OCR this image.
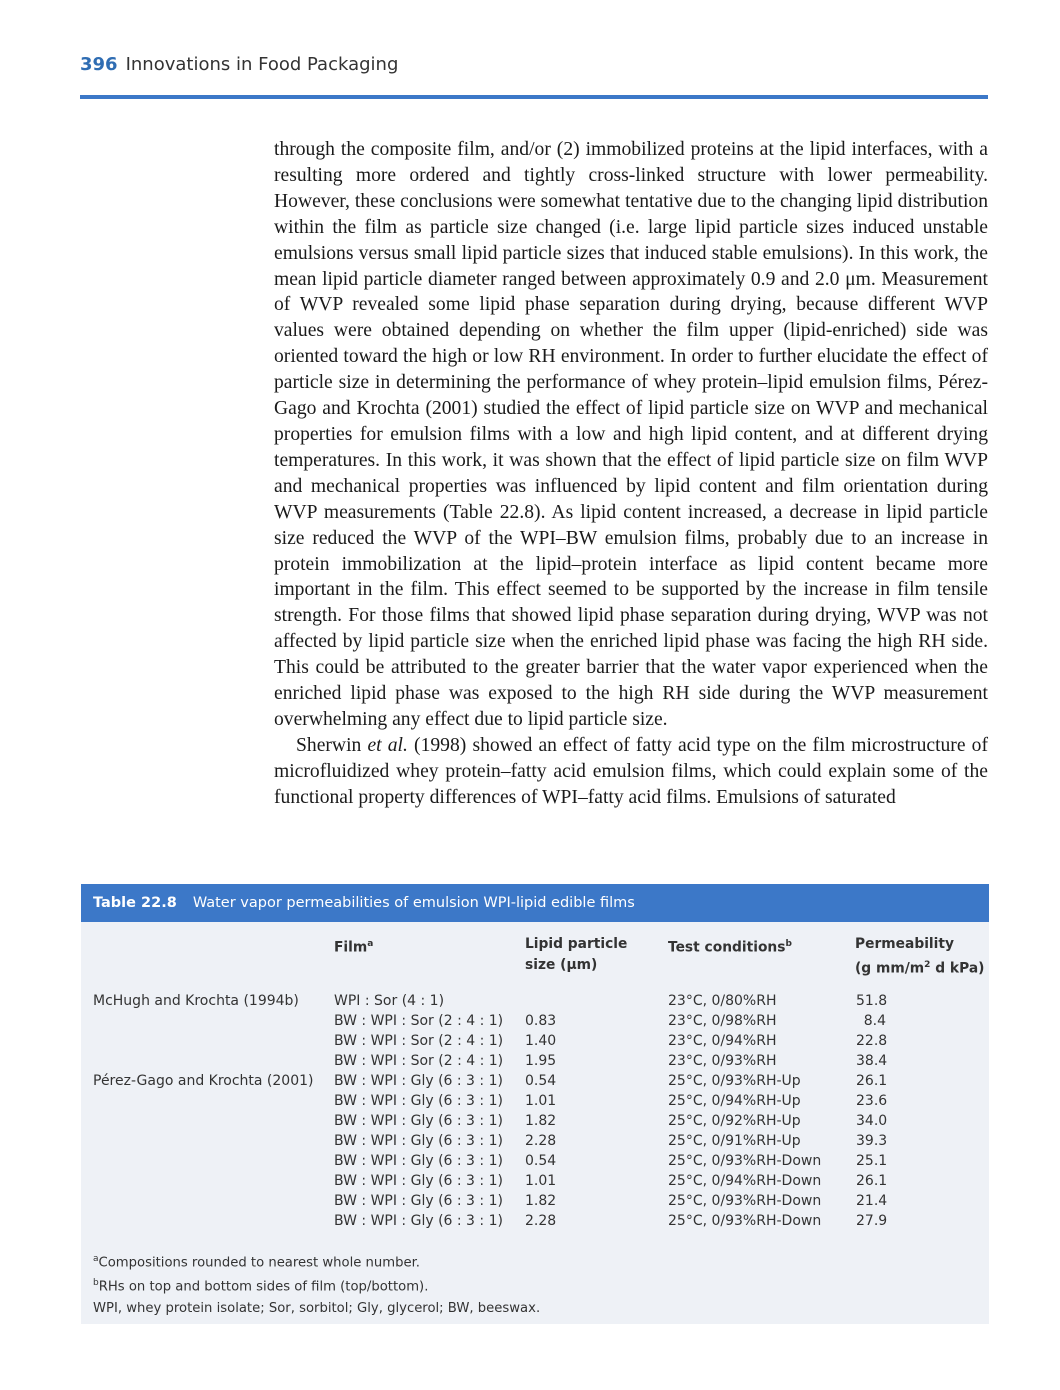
396 Innovations in Food Packaging

through the composite film, and/or (2) immobilized proteins at the lipid interfaces, with a resulting more ordered and tightly cross-linked structure with lower permeability. However, these conclusions were somewhat tentative due to the changing lipid distribution within the film as particle size changed (i.e. large lipid particle sizes induced unstable emulsions versus small lipid particle sizes that induced stable emulsions). In this work, the mean lipid particle diameter ranged between approximately 0.9 and 2.0 μm. Measurement of WVP revealed some lipid phase separation during drying, because different WVP values were obtained depending on whether the film upper (lipid-enriched) side was oriented toward the high or low RH environment. In order to further elucidate the effect of particle size in determining the performance of whey protein–lipid emulsion films, Pérez-Gago and Krochta (2001) studied the effect of lipid particle size on WVP and mechanical properties for emulsion films with a low and high lipid content, and at different drying temperatures. In this work, it was shown that the effect of lipid particle size on film WVP and mechanical properties was influenced by lipid content and film orientation during WVP measurements (Table 22.8). As lipid content increased, a decrease in lipid particle size reduced the WVP of the WPI–BW emulsion films, probably due to an increase in protein immobilization at the lipid–protein interface as lipid content became more important in the film. This effect seemed to be supported by the increase in film tensile strength. For those films that showed lipid phase separation during drying, WVP was not affected by lipid particle size when the enriched lipid phase was facing the high RH side. This could be attributed to the greater barrier that the water vapor experienced when the enriched lipid phase was exposed to the high RH side during the WVP measurement overwhelming any effect due to lipid particle size.

Sherwin et al. (1998) showed an effect of fatty acid type on the film microstructure of microfluidized whey protein–fatty acid emulsion films, which could explain some of the functional property differences of WPI–fatty acid films. Emulsions of saturated

Table 22.8 Water vapor permeabilities of emulsion WPI-lipid edible films
Film$^a$	Lipid particle
size (μm)
Test conditions$^b$	Permeability
(g $mm/m^2$ d kPa)
McHugh and Krochta (1994b)

Pérez-Gago and Krochta (2001)
WPI : Sor (4 : 1)
BW : WPI : Sor (2 : 4 : 1)
BW : WPI : Sor (2 : 4 : 1)
BW : WPI : Sor (2 : 4 : 1)
BW : WPI : Gly (6 : 3 : 1)
BW : WPI : Gly (6 : 3 : 1)
BW : WPI : Gly (6 : 3 : 1)
BW : WPI : Gly (6 : 3 : 1)
BW : WPI : Gly (6 : 3 : 1)
BW : WPI : Gly (6 : 3 : 1)
BW : WPI : Gly (6 : 3 : 1)
BW : WPI : Gly (6 : 3 : 1)

0.83
1.40
1.95
0.54
1.01
1.82
2.28
0.54
1.01
1.82
2.28
23°C, 0/80%RH
23°C, 0/98%RH
23°C, 0/94%RH
23°C, 0/93%RH
25°C, 0/93%RH-Up
25°C, 0/94%RH-Up
25°C, 0/92%RH-Up
25°C, 0/91%RH-Up
25°C, 0/93%RH-Down
25°C, 0/94%RH-Down
25°C, 0/93%RH-Down
25°C, 0/93%RH-Down
51.8
8.4
22.8
38.4
26.1
23.6
34.0
39.3
25.1
26.1
21.4
27.9
$^a$Compositions rounded to nearest whole number.
$^b$RHs on top and bottom sides of film (top/bottom).
WPI, whey protein isolate; Sor, sorbitol; Gly, glycerol; BW, beeswax.
